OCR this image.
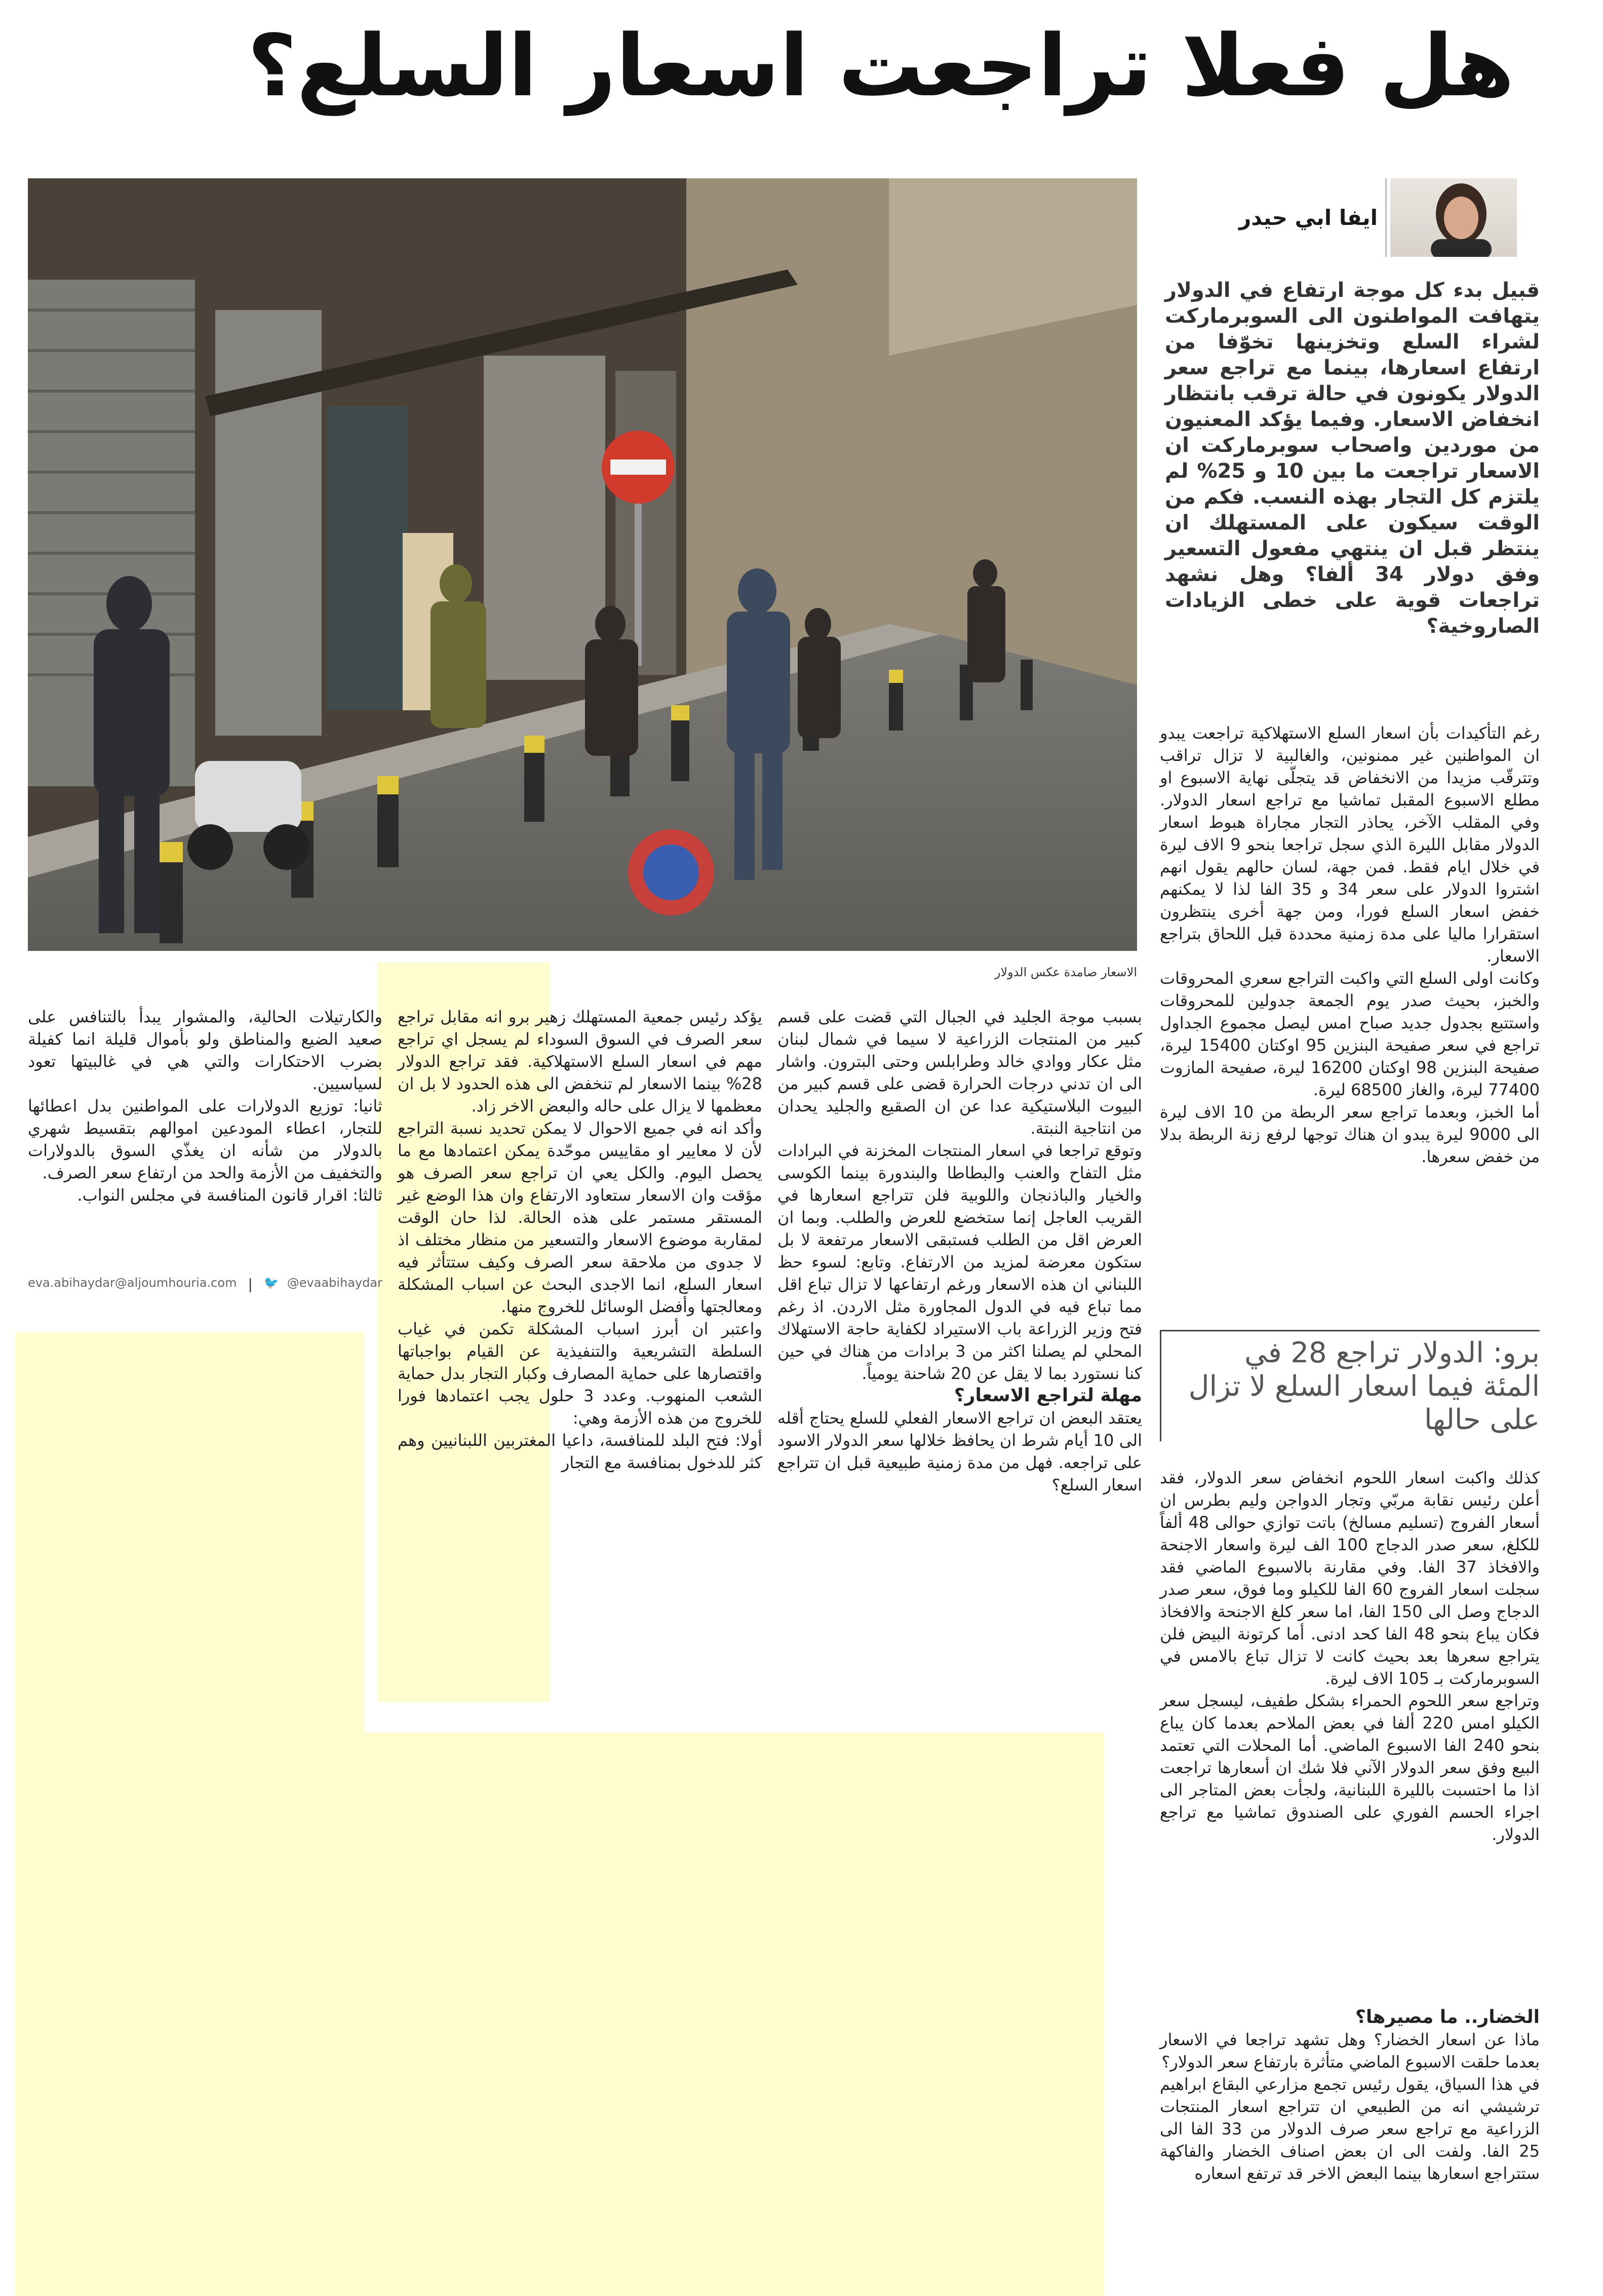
هل فعلا تراجعت اسعار السلع؟
الاسعار صامدة عكس الدولار
ايفا ابي حيدر

قبيل بدء كل موجة ارتفاع في الدولار يتهافت المواطنون الى السوبرماركت لشراء السلع وتخزينها تخوّفا من ارتفاع اسعارها، بينما مع تراجع سعر الدولار يكونون في حالة ترقب بانتظار انخفاض الاسعار. وفيما يؤكد المعنيون من موردين واصحاب سوبرماركت ان الاسعار تراجعت ما بين 10 و 25% لم يلتزم كل التجار بهذه النسب. فكم من الوقت سيكون على المستهلك ان ينتظر قبل ان ينتهي مفعول التسعير وفق دولار 34 ألفا؟ وهل نشهد تراجعات قوية على خطى الزيادات الصاروخية؟

رغم التأكيدات بأن اسعار السلع الاستهلاكية تراجعت يبدو ان المواطنين غير ممنونين، والغالبية لا تزال تراقب وتترقّب مزيدا من الانخفاض قد يتجلّى نهاية الاسبوع او مطلع الاسبوع المقبل تماشيا مع تراجع اسعار الدولار. وفي المقلب الآخر، يحاذر التجار مجاراة هبوط اسعار الدولار مقابل الليرة الذي سجل تراجعا بنحو 9 الاف ليرة في خلال ايام فقط. فمن جهة، لسان حالهم يقول انهم اشتروا الدولار على سعر 34 و 35 الفا لذا لا يمكنهم خفض اسعار السلع فورا، ومن جهة أخرى ينتظرون استقرارا ماليا على مدة زمنية محددة قبل اللحاق بتراجع الاسعار.

وكانت اولى السلع التي واكبت التراجع سعري المحروقات والخبز، بحيث صدر يوم الجمعة جدولين للمحروقات واستتبع بجدول جديد صباح امس ليصل مجموع الجداول تراجع في سعر صفيحة البنزين 95 اوكتان 15400 ليرة، صفيحة البنزين 98 اوكتان 16200 ليرة، صفيحة المازوت 77400 ليرة، والغاز 68500 ليرة.

أما الخبز، وبعدما تراجع سعر الربطة من 10 الاف ليرة الى 9000 ليرة يبدو ان هناك توجها لرفع زنة الربطة بدلا من خفض سعرها.

برو: الدولار تراجع 28 في المئة فيما اسعار السلع لا تزال على حالها

كذلك واكبت اسعار اللحوم انخفاض سعر الدولار، فقد أعلن رئيس نقابة مربّي وتجار الدواجن وليم بطرس ان أسعار الفروج (تسليم مسالخ) باتت توازي حوالى 48 ألفاً للكلغ، سعر صدر الدجاج 100 الف ليرة واسعار الاجنحة والافخاذ 37 الفا. وفي مقارنة بالاسبوع الماضي فقد سجلت اسعار الفروج 60 الفا للكيلو وما فوق، سعر صدر الدجاج وصل الى 150 الفا، اما سعر كلغ الاجنحة والافخاذ فكان يباع بنحو 48 الفا كحد ادنى. أما كرتونة البيض فلن يتراجع سعرها بعد بحيث كانت لا تزال تباع بالامس في السوبرماركت بـ 105 الاف ليرة.

وتراجع سعر اللحوم الحمراء بشكل طفيف، ليسجل سعر الكيلو امس 220 ألفا في بعض الملاحم بعدما كان يباع بنحو 240 الفا الاسبوع الماضي. أما المحلات التي تعتمد البيع وفق سعر الدولار الآني فلا شك ان أسعارها تراجعت اذا ما احتسبت بالليرة اللبنانية، ولجأت بعض المتاجر الى اجراء الحسم الفوري على الصندوق تماشيا مع تراجع الدولار.

الخضار.. ما مصيرها؟

ماذا عن اسعار الخضار؟ وهل تشهد تراجعا في الاسعار بعدما حلقت الاسبوع الماضي متأثرة بارتفاع سعر الدولار؟

في هذا السياق، يقول رئيس تجمع مزارعي البقاع ابراهيم ترشيشي انه من الطبيعي ان تتراجع اسعار المنتجات الزراعية مع تراجع سعر صرف الدولار من 33 الفا الى 25 الفا. ولفت الى ان بعض اصناف الخضار والفاكهة ستتراجع اسعارها بينما البعض الاخر قد ترتفع اسعاره

بسبب موجة الجليد في الجبال التي قضت على قسم كبير من المنتجات الزراعية لا سيما في شمال لبنان مثل عكار ووادي خالد وطرابلس وحتى البترون. واشار الى ان تدني درجات الحرارة قضى على قسم كبير من البيوت البلاستيكية عدا عن ان الصقيع والجليد يحدان من انتاجية النبتة.

وتوقع تراجعا في اسعار المنتجات المخزنة في البرادات مثل التفاح والعنب والبطاطا والبندورة بينما الكوسى والخيار والباذنجان واللوبية فلن تتراجع اسعارها في القريب العاجل إنما ستخضع للعرض والطلب. وبما ان العرض اقل من الطلب فستبقى الاسعار مرتفعة لا بل ستكون معرضة لمزيد من الارتفاع. وتابع: لسوء حظ اللبناني ان هذه الاسعار ورغم ارتفاعها لا تزال تباع اقل مما تباع فيه في الدول المجاورة مثل الاردن. اذ رغم فتح وزير الزراعة باب الاستيراد لكفاية حاجة الاستهلاك المحلي لم يصلنا اكثر من 3 برادات من هناك في حين كنا نستورد بما لا يقل عن 20 شاحنة يومياً.

مهلة لتراجع الاسعار؟

يعتقد البعض ان تراجع الاسعار الفعلي للسلع يحتاج أقله الى 10 أيام شرط ان يحافظ خلالها سعر الدولار الاسود على تراجعه. فهل من مدة زمنية طبيعية قبل ان تتراجع اسعار السلع؟

يؤكد رئيس جمعية المستهلك زهير برو انه مقابل تراجع سعر الصرف في السوق السوداء لم يسجل اي تراجع مهم في اسعار السلع الاستهلاكية. فقد تراجع الدولار 28% بينما الاسعار لم تنخفض الى هذه الحدود لا بل ان معظمها لا يزال على حاله والبعض الاخر زاد.

وأكد انه في جميع الاحوال لا يمكن تحديد نسبة التراجع لأن لا معايير او مقاييس موحّدة يمكن اعتمادها مع ما يحصل اليوم. والكل يعي ان تراجع سعر الصرف هو مؤقت وان الاسعار ستعاود الارتفاع وان هذا الوضع غير المستقر مستمر على هذه الحالة. لذا حان الوقت لمقاربة موضوع الاسعار والتسعير من منظار مختلف اذ لا جدوى من ملاحقة سعر الصرف وكيف ستتأثر فيه اسعار السلع، انما الاجدى البحث عن اسباب المشكلة ومعالجتها وأفضل الوسائل للخروج منها.

واعتبر ان أبرز اسباب المشكلة تكمن في غياب السلطة التشريعية والتنفيذية عن القيام بواجباتها واقتصارها على حماية المصارف وكبار التجار بدل حماية الشعب المنهوب. وعدد 3 حلول يجب اعتمادها فورا للخروج من هذه الأزمة وهي:

أولا: فتح البلد للمنافسة، داعيا المغتربين اللبنانيين وهم كثر للدخول بمنافسة مع التجار

والكارتيلات الحالية، والمشوار يبدأ بالتنافس على صعيد الضيع والمناطق ولو بأموال قليلة انما كفيلة بضرب الاحتكارات والتي هي في غالبيتها تعود لسياسيين.

ثانيا: توزيع الدولارات على المواطنين بدل اعطائها للتجار، اعطاء المودعين اموالهم بتقسيط شهري بالدولار من شأنه ان يغذّي السوق بالدولارات والتخفيف من الأزمة والحد من ارتفاع سعر الصرف.

ثالثا: اقرار قانون المنافسة في مجلس النواب.

eva.abihaydar@aljoumhouria.com | 🐦 @evaabihaydar
